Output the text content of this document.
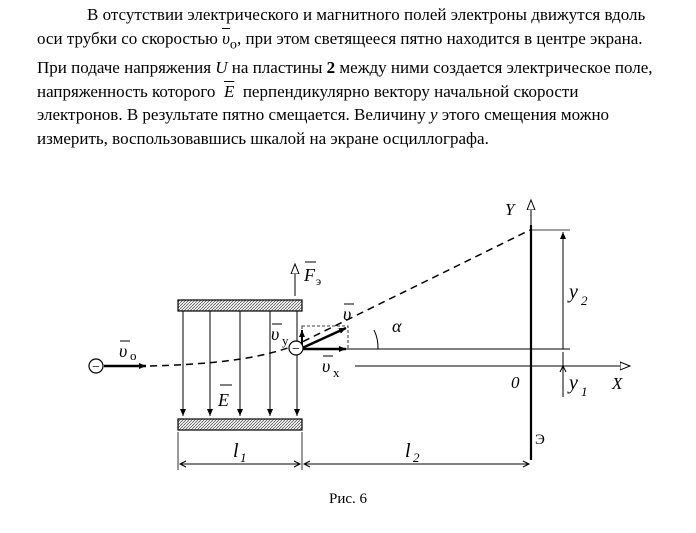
В отсутствии электрического и магнитного полей электроны движутся вдоль оси трубки со скоростью $\overline{\upsilon}_o$, при этом светящееся пятно находится в центре экрана. При подаче напряжения U на пластины 2 между ними создается электрическое поле, напряженность которого $\overline{E}$ перпендикулярно вектору начальной скорости электронов. В результате пятно смещается. Величину y этого смещения можно измерить, воспользовавшись шкалой на экране осциллографа.

−
−
Y
X
0
y 2
y 1
l 1	l 2
Э
F э
E
υ
υ y
υ x
υ o
α
Рис. 6
